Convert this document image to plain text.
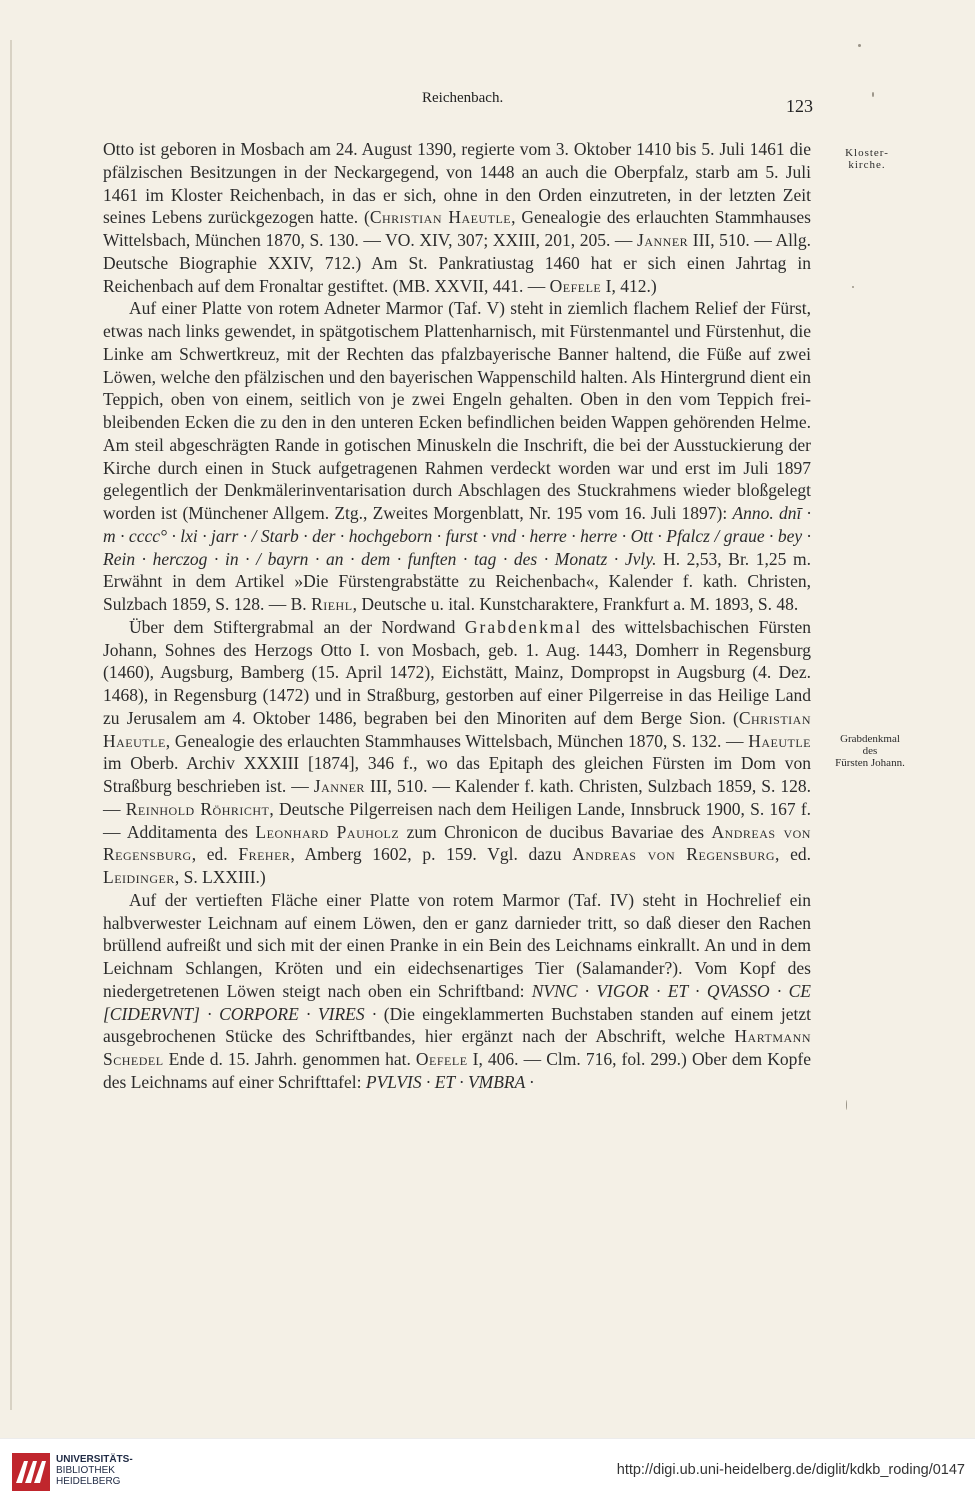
Reichenbach.	123
Kloster-
kirche.
Grabdenkmal
des
Fürsten Johann.

Otto ist geboren in Mosbach am 24. August 1390, regierte vom 3. Oktober 1410 bis 5. Juli 1461 die pfälzischen Besitzungen in der Neckargegend, von 1448 an auch die Oberpfalz, starb am 5. Juli 1461 im Kloster Reichenbach, in das er sich, ohne in den Orden einzutreten, in der letzten Zeit seines Lebens zurückgezogen hatte. (Christian Haeutle, Genealogie des erlauchten Stammhauses Wittelsbach, München 1870, S. 130. — VO. XIV, 307; XXIII, 201, 205. — Janner III, 510. — Allg. Deutsche Biographie XXIV, 712.) Am St. Pankratiustag 1460 hat er sich einen Jahrtag in Reichenbach auf dem Fronaltar gestiftet. (MB. XXVII, 441. — Oefele I, 412.)

Auf einer Platte von rotem Adneter Marmor (Taf. V) steht in ziemlich flachem Relief der Fürst, etwas nach links gewendet, in spätgotischem Plattenharnisch, mit Fürstenmantel und Fürstenhut, die Linke am Schwertkreuz, mit der Rechten das pfalzbayerische Banner haltend, die Füße auf zwei Löwen, welche den pfälzischen und den bayerischen Wappenschild halten. Als Hintergrund dient ein Teppich, oben von einem, seitlich von je zwei Engeln gehalten. Oben in den vom Teppich freibleibenden Ecken die zu den in den unteren Ecken befindlichen beiden Wappen gehörenden Helme. Am steil abgeschrägten Rande in gotischen Minuskeln die Inschrift, die bei der Ausstuckierung der Kirche durch einen in Stuck aufgetragenen Rahmen verdeckt worden war und erst im Juli 1897 gelegentlich der Denkmälerinventarisation durch Abschlagen des Stuckrahmens wieder bloßgelegt worden ist (Münchener Allgem. Ztg., Zweites Morgenblatt, Nr. 195 vom 16. Juli 1897): Anno. dnī · m · cccc° · lxi · jarr · / Starb · der · hochgeborn · furst · vnd · herre · herre · Ott · Pfalcz / graue · bey · Rein · herczog · in · / bayrn · an · dem · funften · tag · des · Monatz · Jvly. H. 2,53, Br. 1,25 m. Erwähnt in dem Artikel »Die Fürstengrabstätte zu Reichenbach«, Kalender f. kath. Christen, Sulzbach 1859, S. 128. — B. Riehl, Deutsche u. ital. Kunstcharaktere, Frankfurt a. M. 1893, S. 48.

Über dem Stiftergrabmal an der Nordwand Grabdenkmal des wittelsbachischen Fürsten Johann, Sohnes des Herzogs Otto I. von Mosbach, geb. 1. Aug. 1443, Domherr in Regensburg (1460), Augsburg, Bamberg (15. April 1472), Eichstätt, Mainz, Dompropst in Augsburg (4. Dez. 1468), in Regensburg (1472) und in Straßburg, gestorben auf einer Pilgerreise in das Heilige Land zu Jerusalem am 4. Oktober 1486, begraben bei den Minoriten auf dem Berge Sion. (Christian Haeutle, Genealogie des erlauchten Stammhauses Wittelsbach, München 1870, S. 132. — Haeutle im Oberb. Archiv XXXIII [1874], 346 f., wo das Epitaph des gleichen Fürsten im Dom von Straßburg beschrieben ist. — Janner III, 510. — Kalender f. kath. Christen, Sulzbach 1859, S. 128. — Reinhold Röhricht, Deutsche Pilgerreisen nach dem Heiligen Lande, Innsbruck 1900, S. 167 f. — Additamenta des Leonhard Pauholz zum Chronicon de ducibus Bavariae des Andreas von Regensburg, ed. Freher, Amberg 1602, p. 159. Vgl. dazu Andreas von Regensburg, ed. Leidinger, S. LXXIII.)

Auf der vertieften Fläche einer Platte von rotem Marmor (Taf. IV) steht in Hochrelief ein halbverwester Leichnam auf einem Löwen, den er ganz darnieder tritt, so daß dieser den Rachen brüllend aufreißt und sich mit der einen Pranke in ein Bein des Leichnams einkrallt. An und in dem Leichnam Schlangen, Kröten und ein eidechsenartiges Tier (Salamander?). Vom Kopf des niedergetretenen Löwen steigt nach oben ein Schriftband: NVNC · VIGOR · ET · QVASSO · CE [CIDERVNT] · CORPORE · VIRES · (Die eingeklammerten Buchstaben standen auf einem jetzt ausgebrochenen Stücke des Schriftbandes, hier ergänzt nach der Abschrift, welche Hartmann Schedel Ende d. 15. Jahrh. genommen hat. Oefele I, 406. — Clm. 716, fol. 299.) Ober dem Kopfe des Leichnams auf einer Schrifttafel: PVLVIS · ET · VMBRA ·

UNIVERSITÄTS-
BIBLIOTHEK
HEIDELBERG
http://digi.ub.uni-heidelberg.de/diglit/kdkb_roding/0147
